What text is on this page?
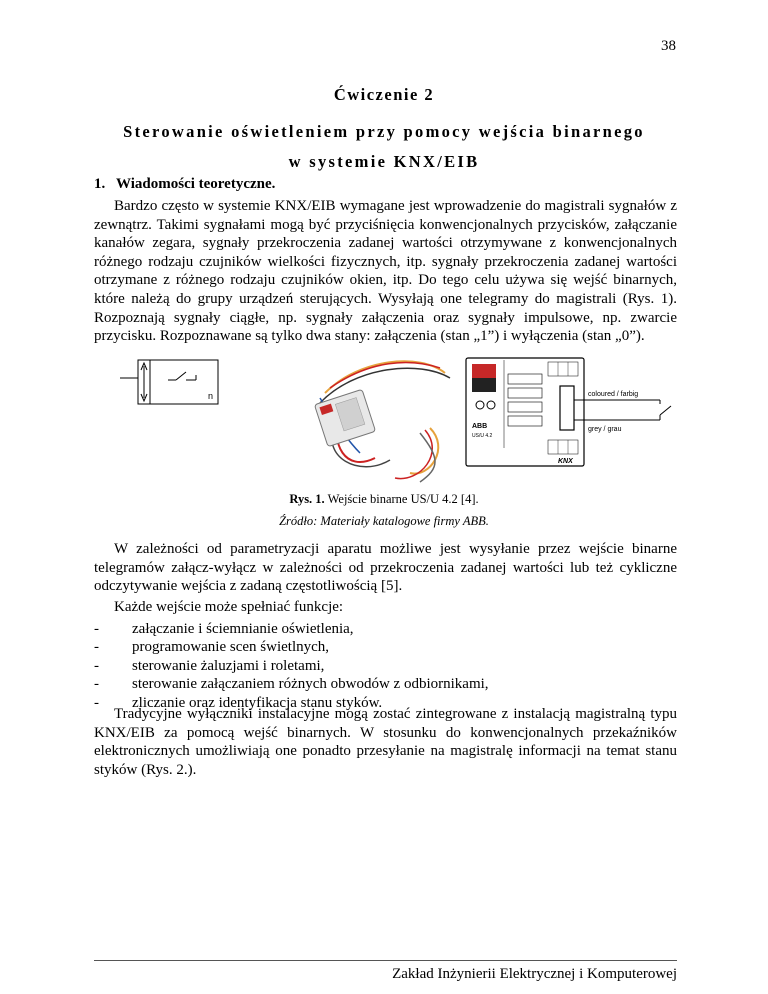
38
Ćwiczenie 2
Sterowanie oświetleniem przy pomocy wejścia binarnego
w systemie KNX/EIB
1. Wiadomości teoretyczne.

Bardzo często w systemie KNX/EIB wymagane jest wprowadzenie do magistrali sygnałów z zewnątrz. Takimi sygnałami mogą być przyciśnięcia konwencjonalnych przycisków, załączanie kanałów zegara, sygnały przekroczenia zadanej wartości otrzymywane z konwencjonalnych różnego rodzaju czujników wielkości fizycznych, itp. sygnały przekroczenia zadanej wartości otrzymane z różnego rodzaju czujników okien, itp. Do tego celu używa się wejść binarnych, które należą do grupy urządzeń sterujących. Wysyłają one telegramy do magistrali (Rys. 1). Rozpoznają sygnały ciągłe, np. sygnały załączenia oraz sygnały impulsowe, np. zwarcie przycisku. Rozpoznawane są tylko dwa stany: załączenia (stan „1”) i wyłączenia (stan „0”).

n
ABB
US/U 4.2
KNX
coloured / farbig
grey / grau
Rys. 1. Wejście binarne US/U 4.2 [4].
Źródło: Materiały katalogowe firmy ABB.

W zależności od parametryzacji aparatu możliwe jest wysyłanie przez wejście binarne telegramów załącz-wyłącz w zależności od przekroczenia zadanej wartości lub też cykliczne odczytywanie wejścia z zadaną częstotliwością [5].

Każde wejście może spełniać funkcje:

- załączanie i ściemnianie oświetlenia,
- programowanie scen świetlnych,
- sterowanie żaluzjami i roletami,
- sterowanie załączaniem różnych obwodów z odbiornikami,
- zliczanie oraz identyfikacja stanu styków.

Tradycyjne wyłączniki instalacyjne mogą zostać zintegrowane z instalacją magistralną typu KNX/EIB za pomocą wejść binarnych. W stosunku do konwencjonalnych przekaźników elektronicznych umożliwiają one ponadto przesyłanie na magistralę informacji na temat stanu styków (Rys. 2.).

Zakład Inżynierii Elektrycznej i Komputerowej
